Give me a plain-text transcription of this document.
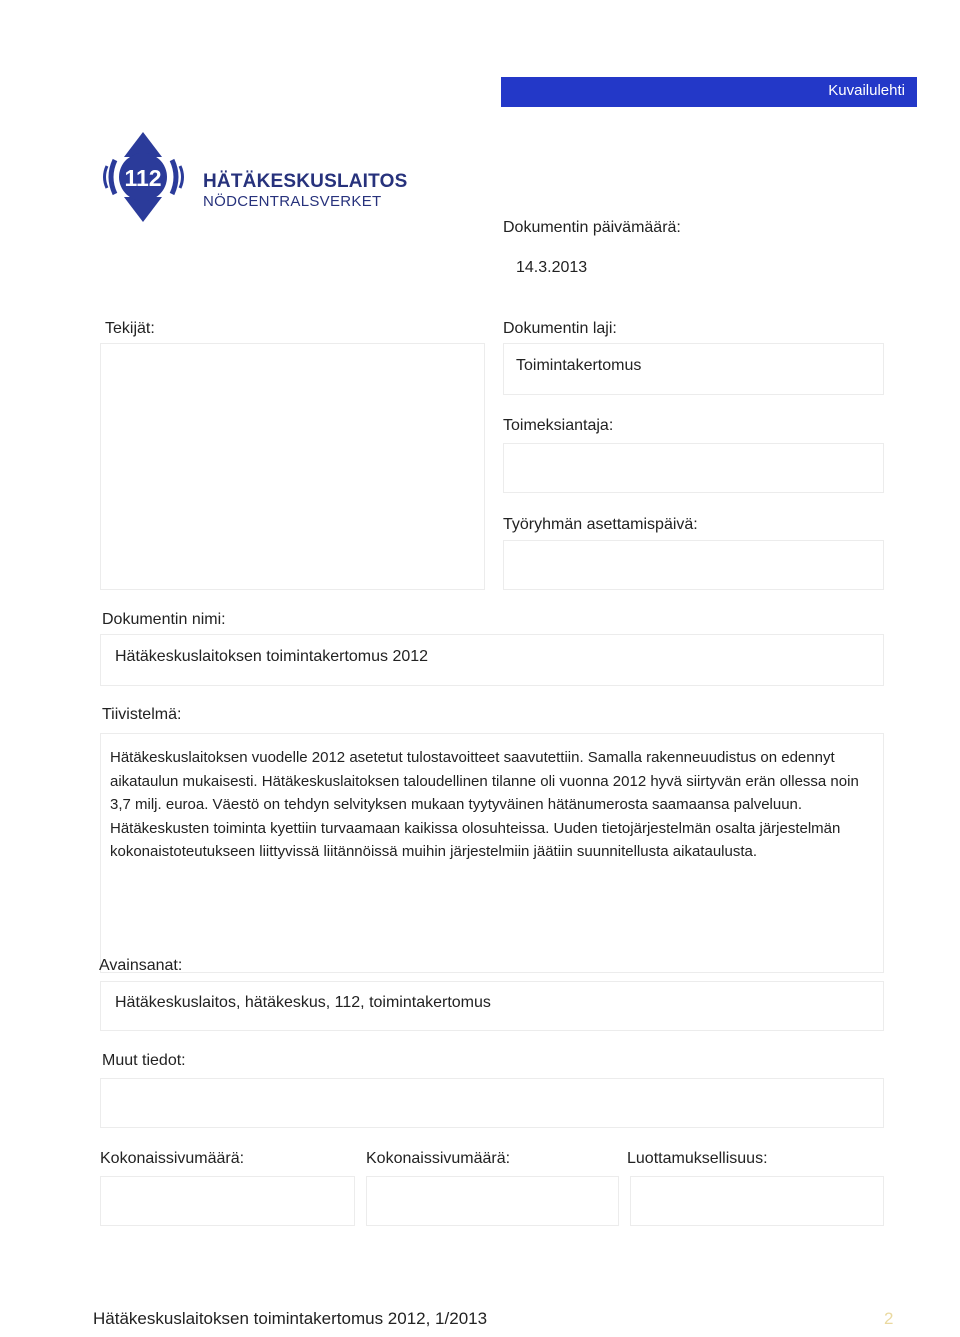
Kuvailulehti
112 HÄTÄKESKUSLAITOS
NÖDCENTRALSVERKET
Dokumentin päivämäärä:
14.3.2013
Tekijät:	Dokumentin laji:
Toimintakertomus
Toimeksiantaja:
Työryhmän asettamispäivä:
Dokumentin nimi:
Hätäkeskuslaitoksen toimintakertomus 2012
Tiivistelmä:
Hätäkeskuslaitoksen vuodelle 2012 asetetut tulostavoitteet saavutettiin. Samalla rakenneuudistus on edennyt aikataulun mukaisesti. Hätäkeskuslaitoksen taloudellinen tilanne oli vuonna 2012 hyvä siirtyvän erän ollessa noin 3,7 milj. euroa. Väestö on tehdyn selvityksen mukaan tyytyväinen hätänumerosta saamaansa palveluun. Hätäkeskusten toiminta kyettiin turvaamaan kaikissa olosuhteissa. Uuden tietojärjestelmän osalta järjestelmän kokonaistoteutukseen liittyvissä liitännöissä muihin järjestelmiin jäätiin suunnitellusta aikataulusta.
Avainsanat:
Hätäkeskuslaitos, hätäkeskus, 112, toimintakertomus
Muut tiedot:
Kokonaissivumäärä:	Kokonaissivumäärä:	Luottamuksellisuus:
Hätäkeskuslaitoksen toimintakertomus 2012, 1/2013	2
